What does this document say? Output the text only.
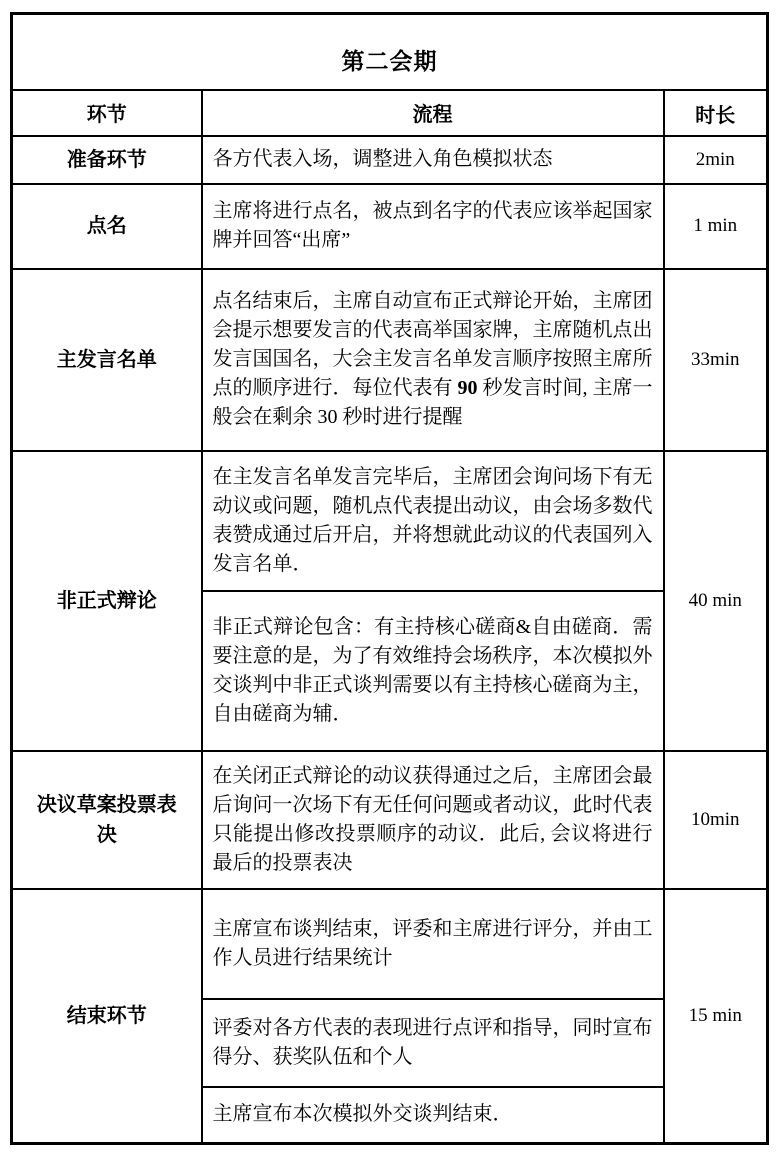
第二会期		
环节	流程	时长
准备环节	各方代表入场，调整进入角色模拟状态	2min
点名	主席将进行点名，被点到名字的代表应该举起国家牌并回答“出席”	1 min
主发言名单	点名结束后，主席自动宣布正式辩论开始，主席团会提示想要发言的代表高举国家牌，主席随机点出发言国国名，大会主发言名单发言顺序按照主席所点的顺序进行．每位代表有 90 秒发言时间, 主席一般会在剩余 30 秒时进行提醒	33min
非正式辩论	在主发言名单发言完毕后，主席团会询问场下有无动议或问题，随机点代表提出动议，由会场多数代表赞成通过后开启，并将想就此动议的代表国列入发言名单．	40 min
	非正式辩论包含：有主持核心磋商&自由磋商．需要注意的是，为了有效维持会场秩序，本次模拟外交谈判中非正式谈判需要以有主持核心磋商为主，自由磋商为辅．	
决议草案投票表决	在关闭正式辩论的动议获得通过之后，主席团会最后询问一次场下有无任何问题或者动议，此时代表只能提出修改投票顺序的动议．此后, 会议将进行最后的投票表决	10min
结束环节	主席宣布谈判结束，评委和主席进行评分，并由工作人员进行结果统计	15 min
	评委对各方代表的表现进行点评和指导，同时宣布得分、获奖队伍和个人	
	主席宣布本次模拟外交谈判结束．	
